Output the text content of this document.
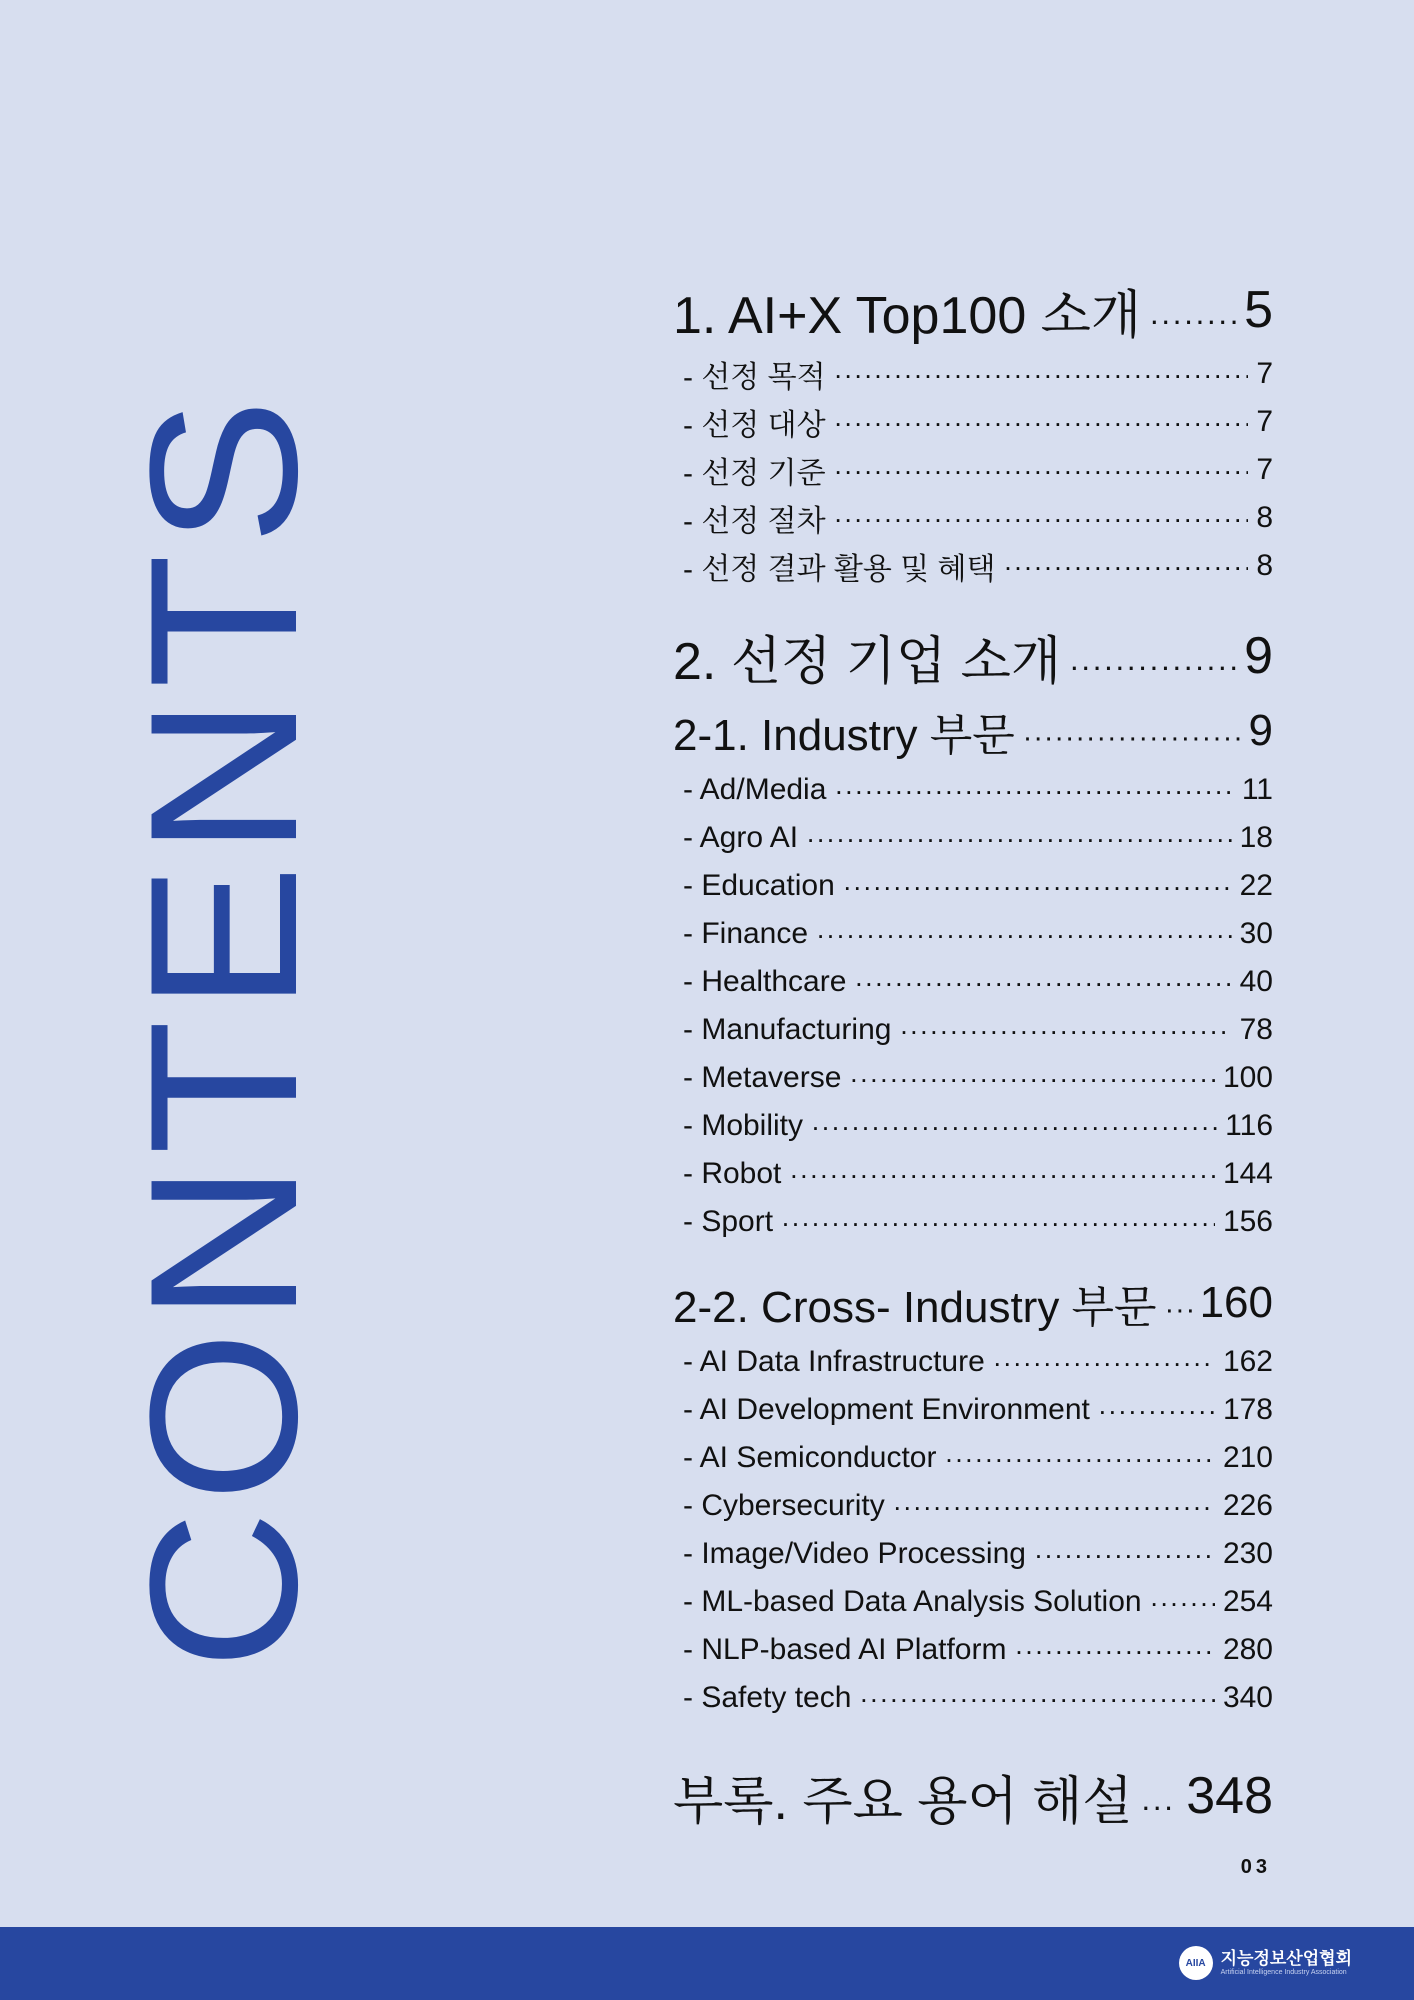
CONTENTS
1. AI+X Top100 소개 ····· 5
- 선정 목적 ·····	7
- 선정 대상 ·····	7
- 선정 기준 ·····	7
- 선정 절차 ·····	8
- 선정 결과 활용 및 혜택 ·····	8
2. 선정 기업 소개 ·····	9
2-1. Industry 부문 ·····	9
- Ad/Media ·····	11
- Agro AI ·····	18
- Education ·····	22
- Finance ·····	30
- Healthcare ·····	40
- Manufacturing ·····	78
- Metaverse ·····	100
- Mobility ·····	116
- Robot ·····	144
- Sport ·····	156
2-2. Cross- Industry 부문 ····· 160
- AI Data Infrastructure ·····	162
- AI Development Environment ·····	178
- AI Semiconductor ·····	210
- Cybersecurity ·····	226
- Image/Video Processing ·····	230
- ML-based Data Analysis Solution ·····	254
- NLP-based AI Platform ·····	280
- Safety tech ·····	340
부록. 주요 용어 해설 ····· 348
03
AIIA 지능정보산업협회
Artificial Intelligence Industry Association
